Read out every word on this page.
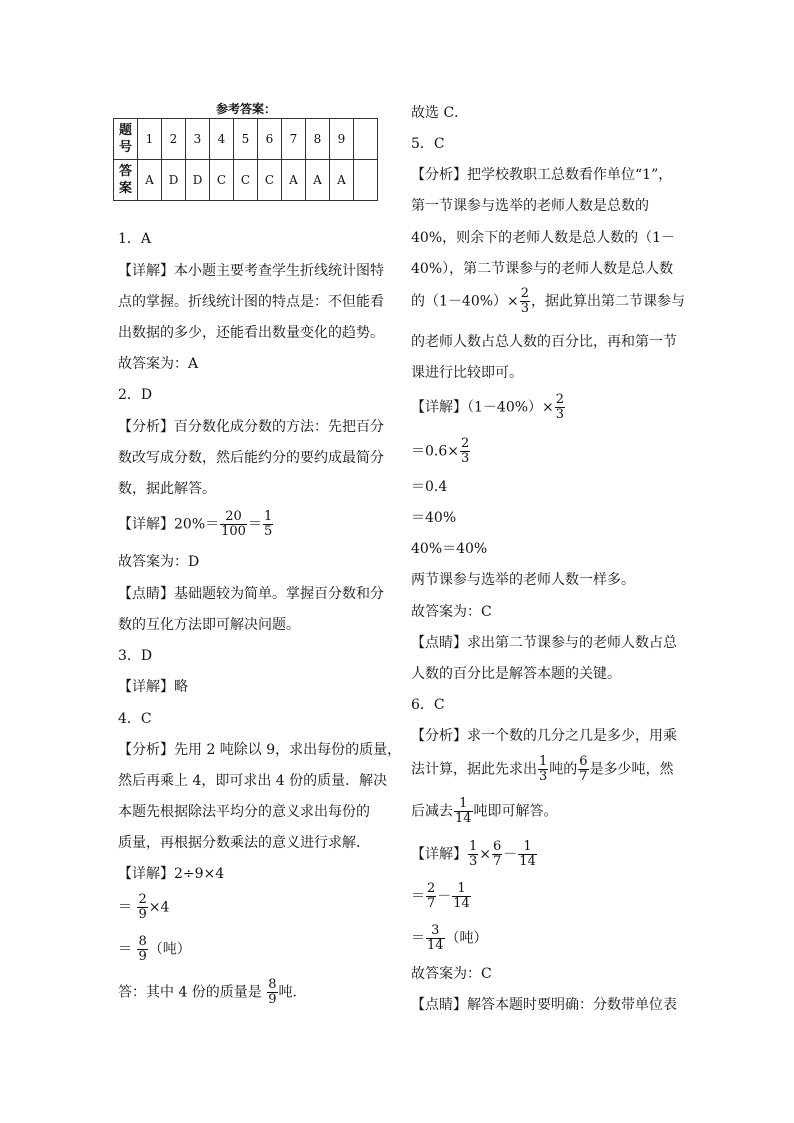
参考答案：
题号	1	2	3	4	5	6	7	8	9	
答案	A	D	D	C	C	C	A	A	A	
1．A
【详解】本小题主要考查学生折线统计图特
点的掌握。折线统计图的特点是：不但能看
出数据的多少，还能看出数量变化的趋势。
故答案为：A
2．D
【分析】百分数化成分数的方法：先把百分
数改写成分数，然后能约分的要约成最简分
数，据此解答。
【详解】$20\%= \frac{20}{100} = \frac{1}{5}$
故答案为：D
【点睛】基础题较为简单。掌握百分数和分
数的互化方法即可解决问题。
3．D
【详解】略
4．C
【分析】先用 2 吨除以 9，求出每份的质量，
然后再乘上 4，即可求出 4 份的质量．解决
本题先根据除法平均分的意义求出每份的
质量，再根据分数乘法的意义进行求解．
【详解】2÷9×4
＝ $\frac{2}{9} \times 4$
＝ $\frac{8}{9}$ （吨）
答：其中 4 份的质量是 $\frac{8}{9}$ 吨．
故选 C．
5．C
【分析】把学校教职工总数看作单位“1”，
第一节课参与选举的老师人数是总数的
40%，则余下的老师人数是总人数的（1－
40%），第二节课参与的老师人数是总人数
的$(1-40\%)\times \frac{2}{3}$ ，据此算出第二节课参与
的老师人数占总人数的百分比，再和第一节
课进行比较即可。
【详解】$(1-40\%)\times \frac{2}{3}$
$=0.6\times \frac{2}{3}$
＝0.4
＝40%
40%＝40%
两节课参与选举的老师人数一样多。
故答案为：C
【点睛】求出第二节课参与的老师人数占总
人数的百分比是解答本题的关键。
6．C
【分析】求一个数的几分之几是多少，用乘
法计算，据此先求出 $\frac{1}{3}$ 吨的 $\frac{6}{7}$ 是多少吨，然
后减去 $\frac{1}{14}$ 吨即可解答。
【详解】 $\frac{1}{3} \times \frac{6}{7} - \frac{1}{14}$
＝ $\frac{2}{7} - \frac{1}{14}$
＝ $\frac{3}{14}$ （吨）
故答案为：C
【点睛】解答本题时要明确：分数带单位表
